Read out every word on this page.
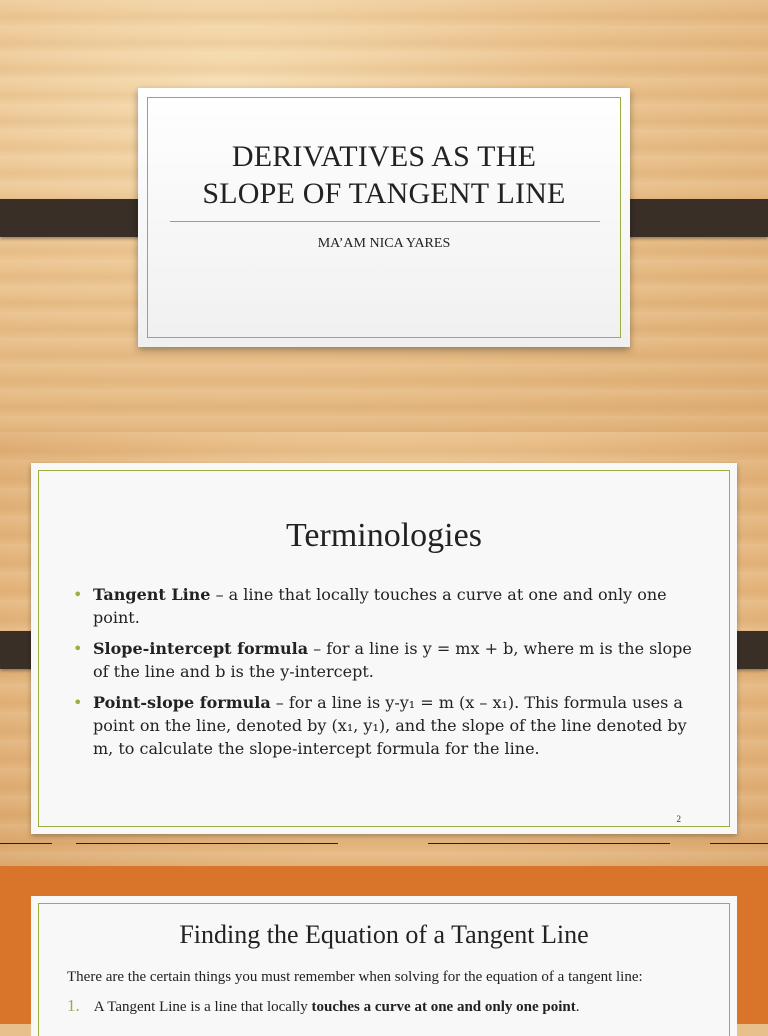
DERIVATIVES AS THE
SLOPE OF TANGENT LINE
MA’AM NICA YARES
Terminologies
• Tangent Line – a line that locally touches a curve at one and only one point.
• Slope-intercept formula – for a line is y = mx + b, where m is the slope of the line and b is the y-intercept.
• Point-slope formula – for a line is y-y₁ = m (x – x₁). This formula uses a point on the line, denoted by (x₁, y₁), and the slope of the line denoted by m, to calculate the slope-intercept formula for the line.
2
Finding the Equation of a Tangent Line
There are the certain things you must remember when solving for the equation of a tangent line:
1. A Tangent Line is a line that locally touches a curve at one and only one point.
